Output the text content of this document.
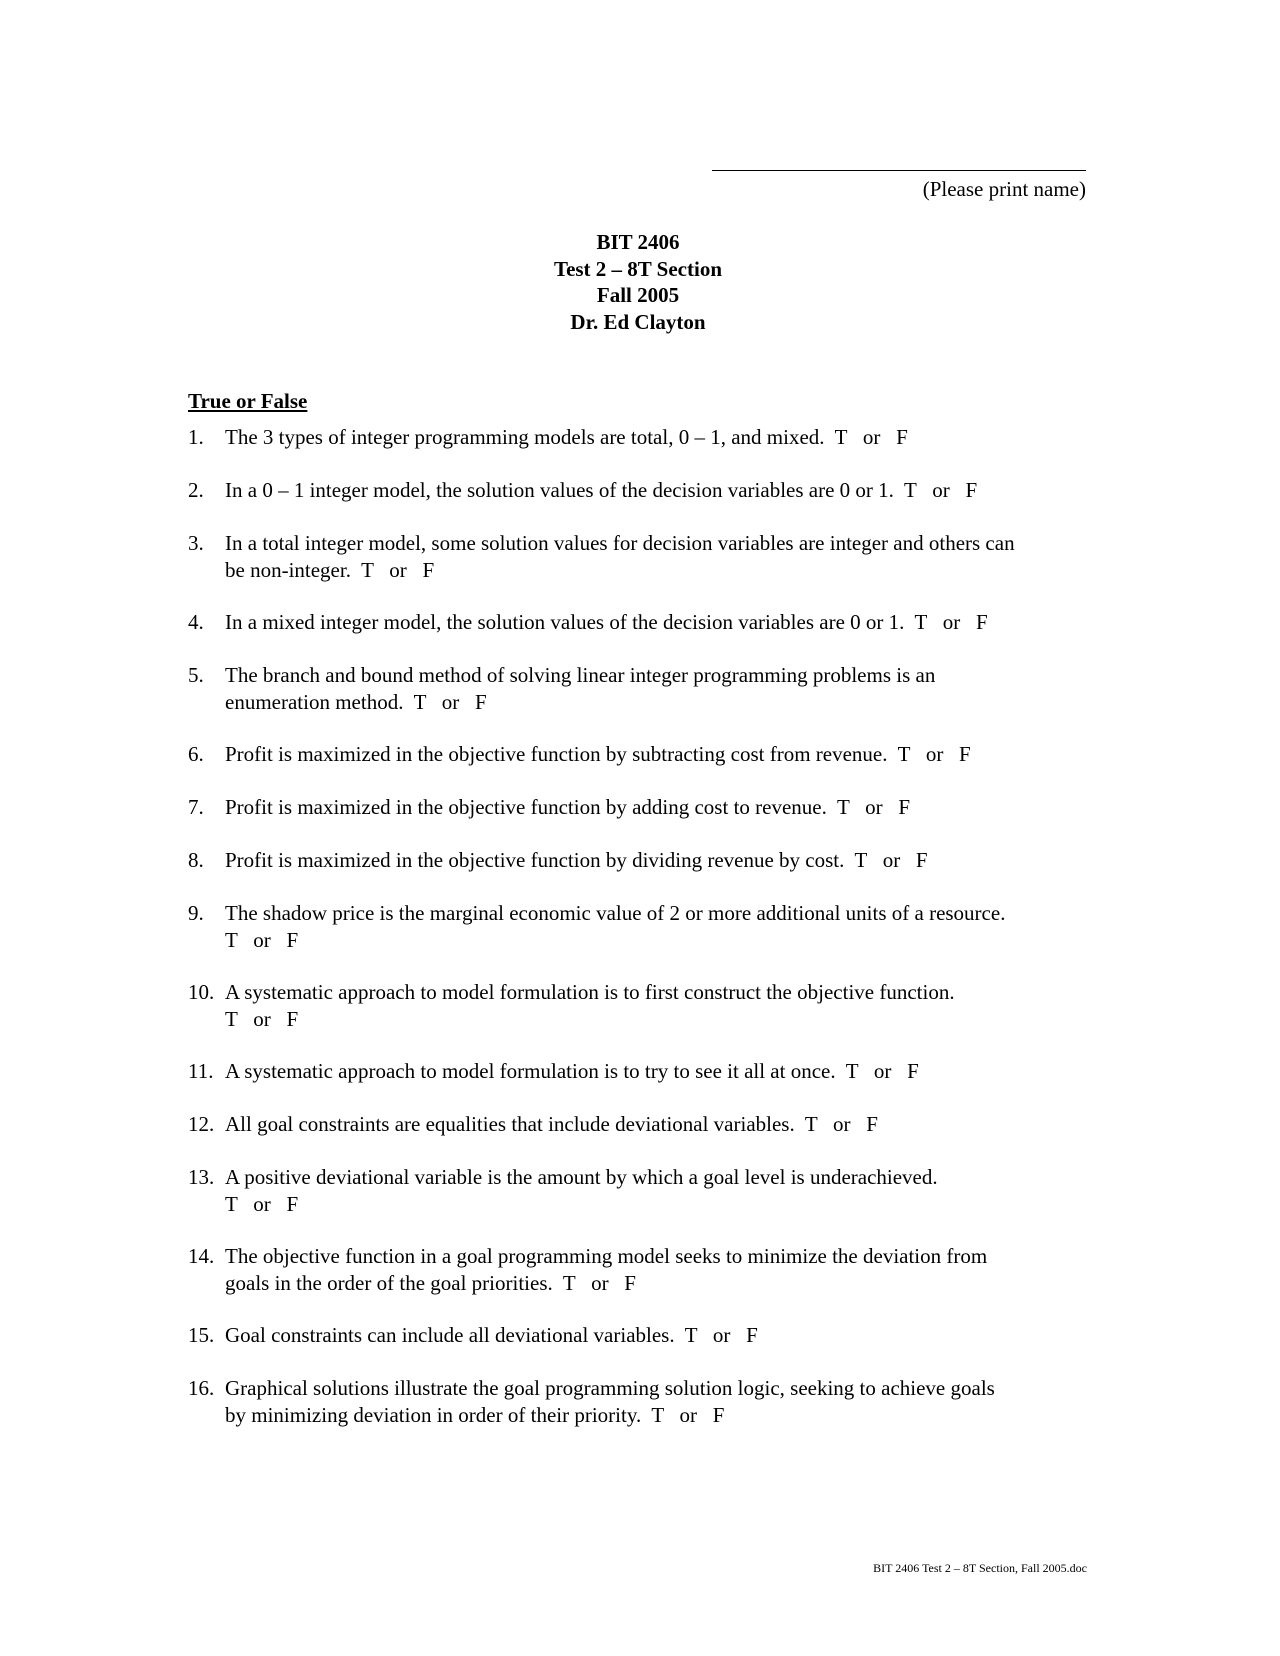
(Please print name)
BIT 2406
Test 2 – 8T Section
Fall 2005
Dr. Ed Clayton
True or False
1. The 3 types of integer programming models are total, 0 – 1, and mixed.  T   or   F
2. In a 0 – 1 integer model, the solution values of the decision variables are 0 or 1.  T   or   F
3. In a total integer model, some solution values for decision variables are integer and others can
be non-integer.  T   or   F
4. In a mixed integer model, the solution values of the decision variables are 0 or 1.  T   or   F
5. The branch and bound method of solving linear integer programming problems is an
enumeration method.  T   or   F
6. Profit is maximized in the objective function by subtracting cost from revenue.  T   or   F
7. Profit is maximized in the objective function by adding cost to revenue.  T   or   F
8. Profit is maximized in the objective function by dividing revenue by cost.  T   or   F
9. The shadow price is the marginal economic value of 2 or more additional units of a resource.
T   or   F
10. A systematic approach to model formulation is to first construct the objective function.
T   or   F
11. A systematic approach to model formulation is to try to see it all at once.  T   or   F
12. All goal constraints are equalities that include deviational variables.  T   or   F
13. A positive deviational variable is the amount by which a goal level is underachieved.
T   or   F
14. The objective function in a goal programming model seeks to minimize the deviation from
goals in the order of the goal priorities.  T   or   F
15. Goal constraints can include all deviational variables.  T   or   F
16. Graphical solutions illustrate the goal programming solution logic, seeking to achieve goals
by minimizing deviation in order of their priority.  T   or   F
BIT 2406 Test 2 – 8T Section, Fall 2005.doc
